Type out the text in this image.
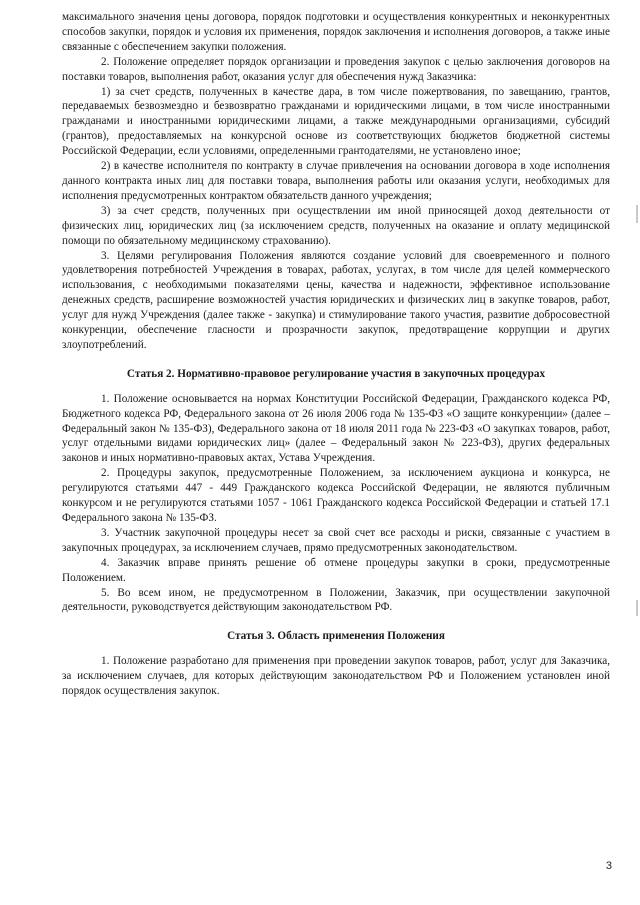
максимального значения цены договора, порядок подготовки и осуществления конкурентных и неконкурентных способов закупки, порядок и условия их применения, порядок заключения и исполнения договоров, а также иные связанные с обеспечением закупки положения.

2. Положение определяет порядок организации и проведения закупок с целью заключения договоров на поставки товаров, выполнения работ, оказания услуг для обеспечения нужд Заказчика:

1) за счет средств, полученных в качестве дара, в том числе пожертвования, по завещанию, грантов, передаваемых безвозмездно и безвозвратно гражданами и юридическими лицами, в том числе иностранными гражданами и иностранными юридическими лицами, а также международными организациями, субсидий (грантов), предоставляемых на конкурсной основе из соответствующих бюджетов бюджетной системы Российской Федерации, если условиями, определенными грантодателями, не установлено иное;

2) в качестве исполнителя по контракту в случае привлечения на основании договора в ходе исполнения данного контракта иных лиц для поставки товара, выполнения работы или оказания услуги, необходимых для исполнения предусмотренных контрактом обязательств данного учреждения;

3) за счет средств, полученных при осуществлении им иной приносящей доход деятельности от физических лиц, юридических лиц (за исключением средств, полученных на оказание и оплату медицинской помощи по обязательному медицинскому страхованию).

3. Целями регулирования Положения являются создание условий для своевременного и полного удовлетворения потребностей Учреждения в товарах, работах, услугах, в том числе для целей коммерческого использования, с необходимыми показателями цены, качества и надежности, эффективное использование денежных средств, расширение возможностей участия юридических и физических лиц в закупке товаров, работ, услуг для нужд Учреждения (далее также - закупка) и стимулирование такого участия, развитие добросовестной конкуренции, обеспечение гласности и прозрачности закупок, предотвращение коррупции и других злоупотреблений.

Статья 2. Нормативно-правовое регулирование участия в закупочных процедурах

1. Положение основывается на нормах Конституции Российской Федерации, Гражданского кодекса РФ, Бюджетного кодекса РФ, Федерального закона от 26 июля 2006 года № 135-ФЗ «О защите конкуренции» (далее – Федеральный закон № 135-ФЗ), Федерального закона от 18 июля 2011 года № 223-ФЗ «О закупках товаров, работ, услуг отдельными видами юридических лиц» (далее – Федеральный закон № 223-ФЗ), других федеральных законов и иных нормативно-правовых актах, Устава Учреждения.

2. Процедуры закупок, предусмотренные Положением, за исключением аукциона и конкурса, не регулируются статьями 447 - 449 Гражданского кодекса Российской Федерации, не являются публичным конкурсом и не регулируются статьями 1057 - 1061 Гражданского кодекса Российской Федерации и статьей 17.1 Федерального закона № 135-ФЗ.

3. Участник закупочной процедуры несет за свой счет все расходы и риски, связанные с участием в закупочных процедурах, за исключением случаев, прямо предусмотренных законодательством.

4. Заказчик вправе принять решение об отмене процедуры закупки в сроки, предусмотренные Положением.

5. Во всем ином, не предусмотренном в Положении, Заказчик, при осуществлении закупочной деятельности, руководствуется действующим законодательством РФ.

Статья 3. Область применения Положения

1. Положение разработано для применения при проведении закупок товаров, работ, услуг для Заказчика, за исключением случаев, для которых действующим законодательством РФ и Положением установлен иной порядок осуществления закупок.

3
